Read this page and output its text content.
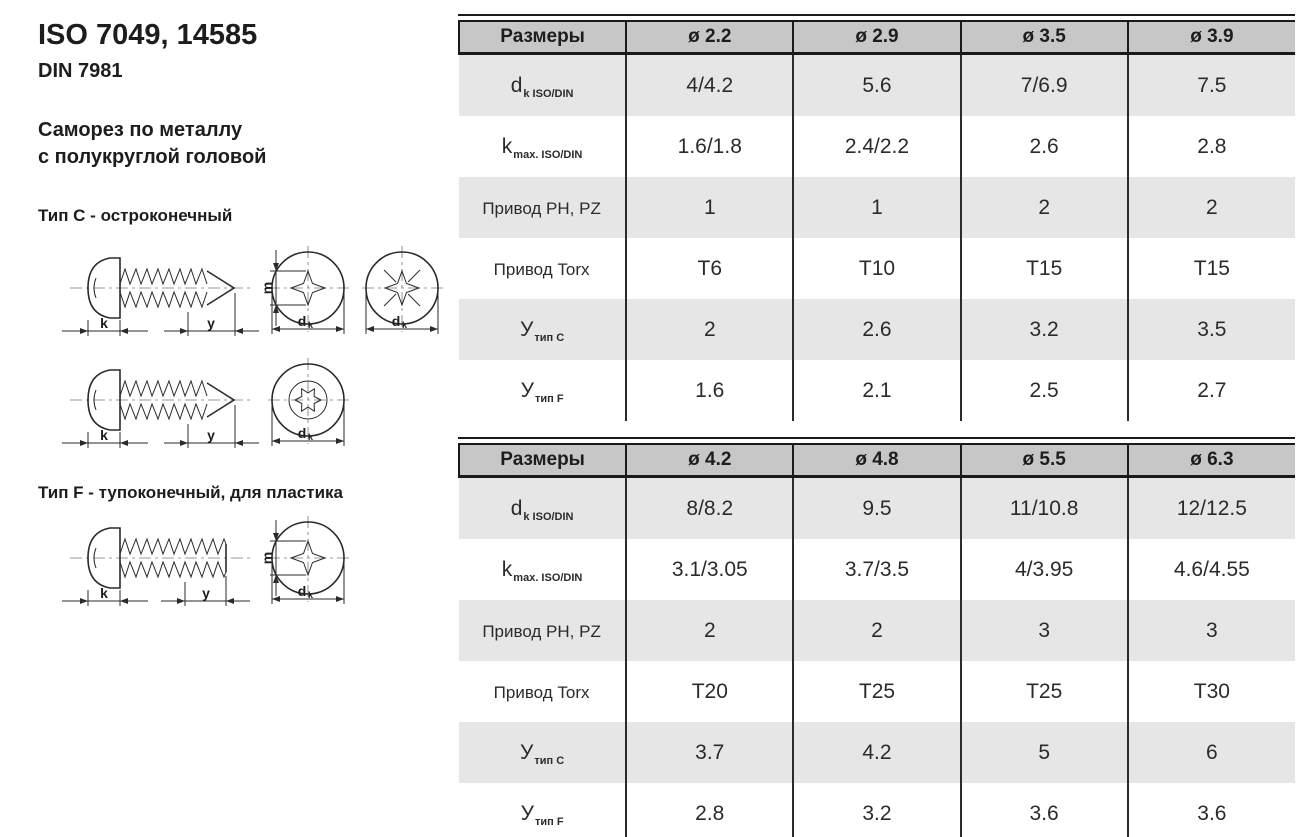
ISO 7049, 14585
DIN 7981
Саморез по металлу
с полукруглой головой
Тип C - остроконечный
Тип F - тупоконечный, для пластика
k	y
m
d k	d k
k	y	d k
k	y
m
d k
Размеры	ø 2.2	ø 2.9	ø 3.5	ø 3.9
$d_{k ISO/DIN}$	4/4.2	5.6	7/6.9	7.5
$k_{max. ISO/DIN}$	1.6/1.8	2.4/2.2	2.6	2.8
Привод PH, PZ	1	1	2	2
Привод Torx	T6	T10	T15	T15
$У_{тип C}$	2	2.6	3.2	3.5
$У_{тип F}$	1.6	2.1	2.5	2.7
Размеры	ø 4.2	ø 4.8	ø 5.5	ø 6.3
$d_{k ISO/DIN}$	8/8.2	9.5	11/10.8	12/12.5
$k_{max. ISO/DIN}$	3.1/3.05	3.7/3.5	4/3.95	4.6/4.55
Привод PH, PZ	2	2	3	3
Привод Torx	T20	T25	T25	T30
$У_{тип C}$	3.7	4.2	5	6
$У_{тип F}$	2.8	3.2	3.6	3.6
